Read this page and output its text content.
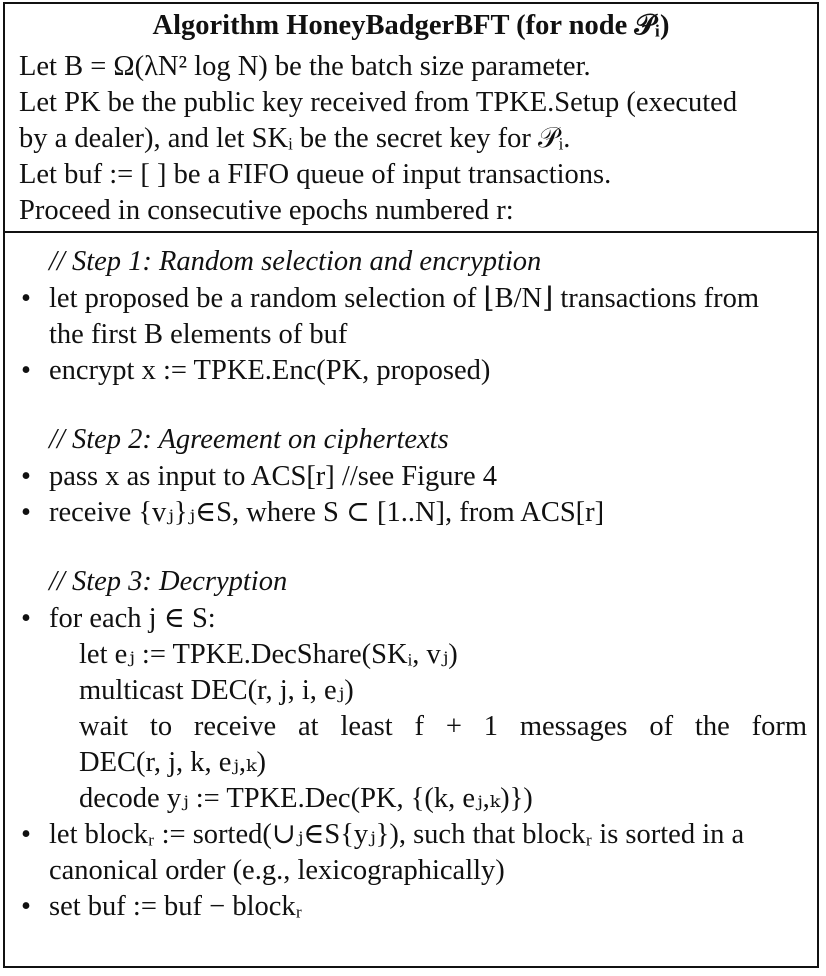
Algorithm HoneyBadgerBFT (for node 𝒫ᵢ)
Let B = Ω(λN² log N) be the batch size parameter.
Let PK be the public key received from TPKE.Setup (executed
by a dealer), and let SKᵢ be the secret key for 𝒫ᵢ.
Let buf := [ ] be a FIFO queue of input transactions.
Proceed in consecutive epochs numbered r:
// Step 1: Random selection and encryption
• let proposed be a random selection of ⌊B/N⌋ transactions from
the first B elements of buf
• encrypt x := TPKE.Enc(PK, proposed)
// Step 2: Agreement on ciphertexts
• pass x as input to ACS[r] //see Figure 4
• receive {vⱼ}ⱼ∈S, where S ⊂ [1..N], from ACS[r]
// Step 3: Decryption
• for each j ∈ S:
let eⱼ := TPKE.DecShare(SKᵢ, vⱼ)
multicast DEC(r, j, i, eⱼ)
wait to receive at least f + 1 messages of the form
DEC(r, j, k, eⱼ,ₖ)
decode yⱼ := TPKE.Dec(PK, {(k, eⱼ,ₖ)})
• let blockᵣ := sorted(∪ⱼ∈S{yⱼ}), such that blockᵣ is sorted in a
canonical order (e.g., lexicographically)
• set buf := buf − blockᵣ
